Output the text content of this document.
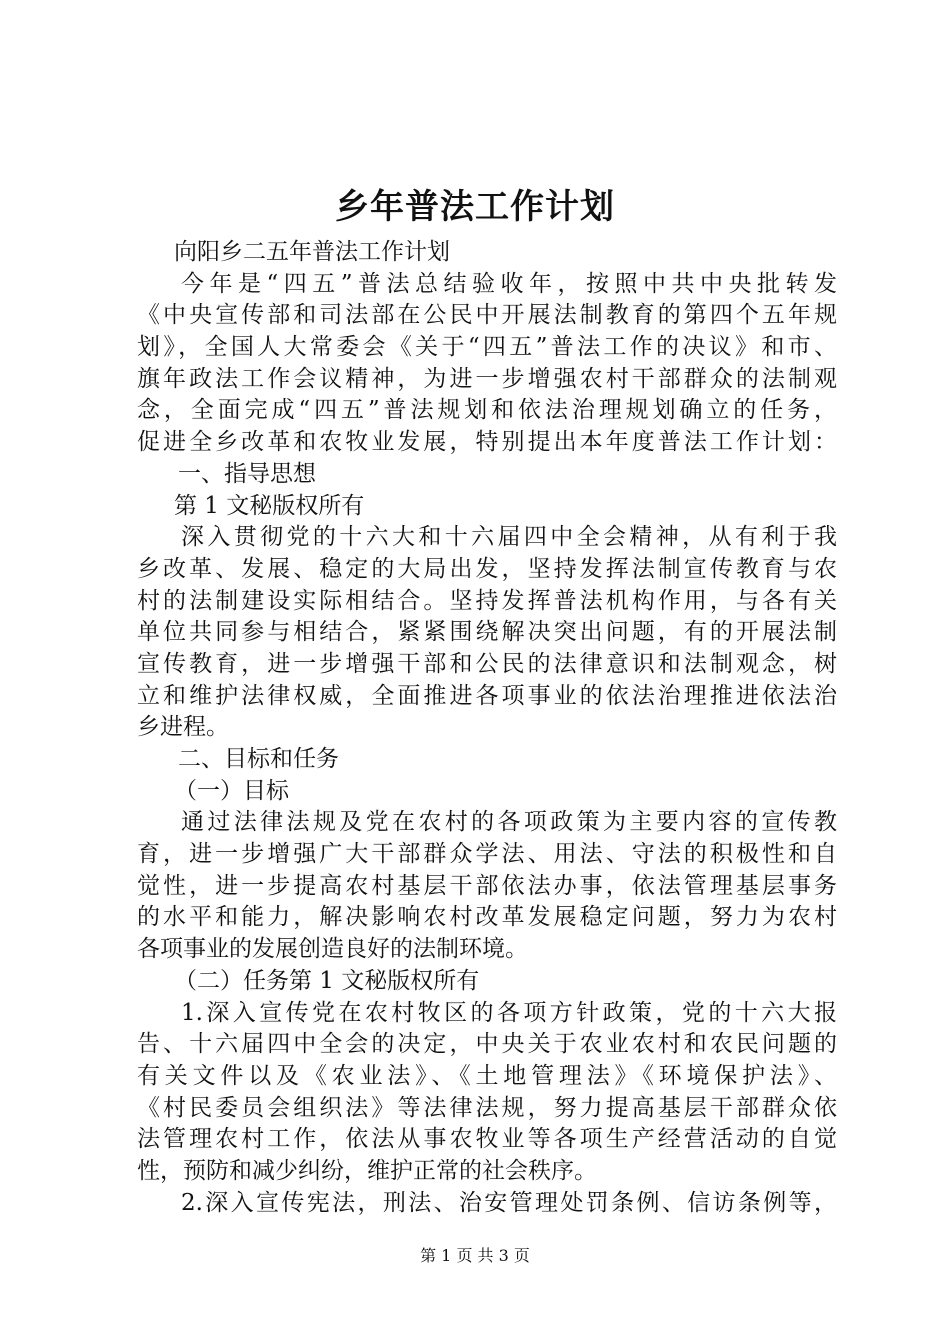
乡年普法工作计划
向阳乡二五年普法工作计划
今年是“四五”普法总结验收年，按照中共中央批转发
《中央宣传部和司法部在公民中开展法制教育的第四个五年规
划》，全国人大常委会《关于“四五”普法工作的决议》和市、
旗年政法工作会议精神，为进一步增强农村干部群众的法制观
念，全面完成“四五”普法规划和依法治理规划确立的任务，
促进全乡改革和农牧业发展，特别提出本年度普法工作计划：
一、指导思想
第 1 文秘版权所有
深入贯彻党的十六大和十六届四中全会精神，从有利于我
乡改革、发展、稳定的大局出发，坚持发挥法制宣传教育与农
村的法制建设实际相结合。坚持发挥普法机构作用，与各有关
单位共同参与相结合，紧紧围绕解决突出问题，有的开展法制
宣传教育，进一步增强干部和公民的法律意识和法制观念，树
立和维护法律权威，全面推进各项事业的依法治理推进依法治
乡进程。
二、目标和任务
（一）目标
通过法律法规及党在农村的各项政策为主要内容的宣传教
育，进一步增强广大干部群众学法、用法、守法的积极性和自
觉性，进一步提高农村基层干部依法办事，依法管理基层事务
的水平和能力，解决影响农村改革发展稳定问题，努力为农村
各项事业的发展创造良好的法制环境。
（二）任务第 1 文秘版权所有
1.深入宣传党在农村牧区的各项方针政策，党的十六大报
告、十六届四中全会的决定，中央关于农业农村和农民问题的
有关文件以及《农业法》、《土地管理法》《环境保护法》、
《村民委员会组织法》等法律法规，努力提高基层干部群众依
法管理农村工作，依法从事农牧业等各项生产经营活动的自觉
性，预防和减少纠纷，维护正常的社会秩序。
2.深入宣传宪法，刑法、治安管理处罚条例、信访条例等，
第 1 页 共 3 页
